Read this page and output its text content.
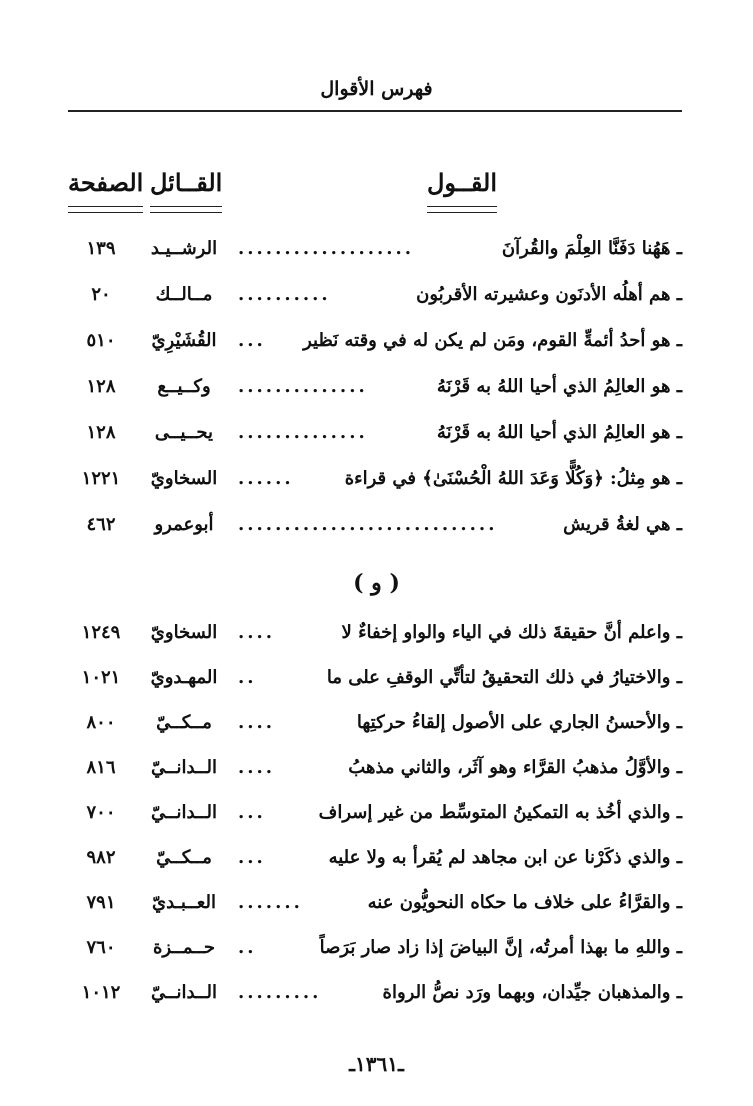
فهرس الأقوال
القــول
القــائل
الصفحة
ـ هَهُنا دَفَنَّا العِلْمَ والقُرآنَ
...................
الرشــيـد
١٣٩
ـ هم أهلُه الأدنَون وعشيرته الأقربُون
..........
مــالــك
٢٠
ـ هو أحدُ أئمةِّ القوم، ومَن لم يكن له في وقته نَظير
...
القُشَيْرِيّ
٥١٠
ـ هو العالِمُ الذي أحيا اللهُ به قَرْنَهُ
..............
وكــيــع
١٢٨
ـ هو العالِمُ الذي أحيا اللهُ به قَرْنَهُ
..............
يحــيــى
١٢٨
ـ هو مِثلُ: ﴿وَكُلًّا وَعَدَ اللهُ الْحُسْنَىٰ﴾ في قراءة
......
السخاويّ
١٢٢١
ـ هي لغةُ قريش
............................
أبوعمرو
٤٦٢
( و )
ـ واعلم أنَّ حقيقةَ ذلك في الياء والواو إخفاءٌ لا
....
السخاويّ
١٢٤٩
ـ والاختيارُ في ذلك التحقيقُ لتأتِّي الوقفِ على ما
..
المهـدويّ
١٠٢١
ـ والأحسنُ الجاري على الأصول إلقاءُ حركتِها
....
مــكــيّ
٨٠٠
ـ والأوَّلُ مذهبُ القرَّاء وهو آثَر، والثاني مذهبُ
....
الــدانــيّ
٨١٦
ـ والذي أخُذ به التمكينُ المتوسِّط من غير إسراف
...
الــدانــيّ
٧٠٠
ـ والذي ذكَرْنا عن ابن مجاهد لم يُقرأ به ولا عليه
...
مــكــيّ
٩٨٢
ـ والقرَّاءُ على خلاف ما حكاه النحويُّون عنه
.......
العــبـديّ
٧٩١
ـ واللهِ ما بهذا أمرتُه، إنَّ البياضَ إذا زاد صار بَرَصاً
..
حــمــزة
٧٦٠
ـ والمذهبان جيِّدان، وبهما ورَد نصُّ الرواة
.........
الــدانــيّ
١٠١٢
ـ١٣٦١ـ
